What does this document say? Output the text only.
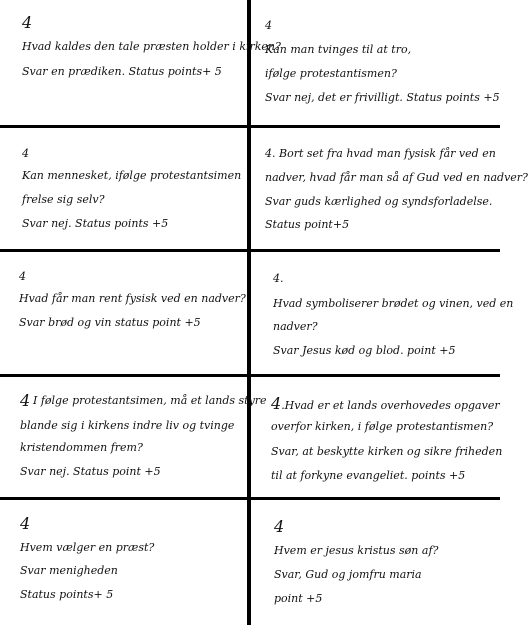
4
Hvad kaldes den tale præsten holder i kirken?
Svar en prædiken. Status points+ 5
4
Kan man tvinges til at tro,
ifølge protestantismen?
Svar nej, det er frivilligt. Status points +5
4
Kan mennesket, ifølge protestantsimen
frelse sig selv?
Svar nej. Status points +5
4. Bort set fra hvad man fysisk får ved en
nadver, hvad får man så af Gud ved en nadver?
Svar guds kærlighed og syndsforladelse.
Status point+5
4
Hvad får man rent fysisk ved en nadver?
Svar brød og vin status point +5
4.
Hvad symboliserer brødet og vinen, ved en
nadver?
Svar Jesus kød og blod. point +5
4 I følge protestantsimen, må et lands styre
blande sig i kirkens indre liv og tvinge
kristendommen frem?
Svar nej. Status point +5
4.Hvad er et lands overhovedes opgaver
overfor kirken, i følge protestantismen?
Svar, at beskytte kirken og sikre friheden
til at forkyne evangeliet. points +5
4
Hvem vælger en præst?
Svar menigheden
Status points+ 5
4
Hvem er jesus kristus søn af?
Svar, Gud og jomfru maria
point +5
